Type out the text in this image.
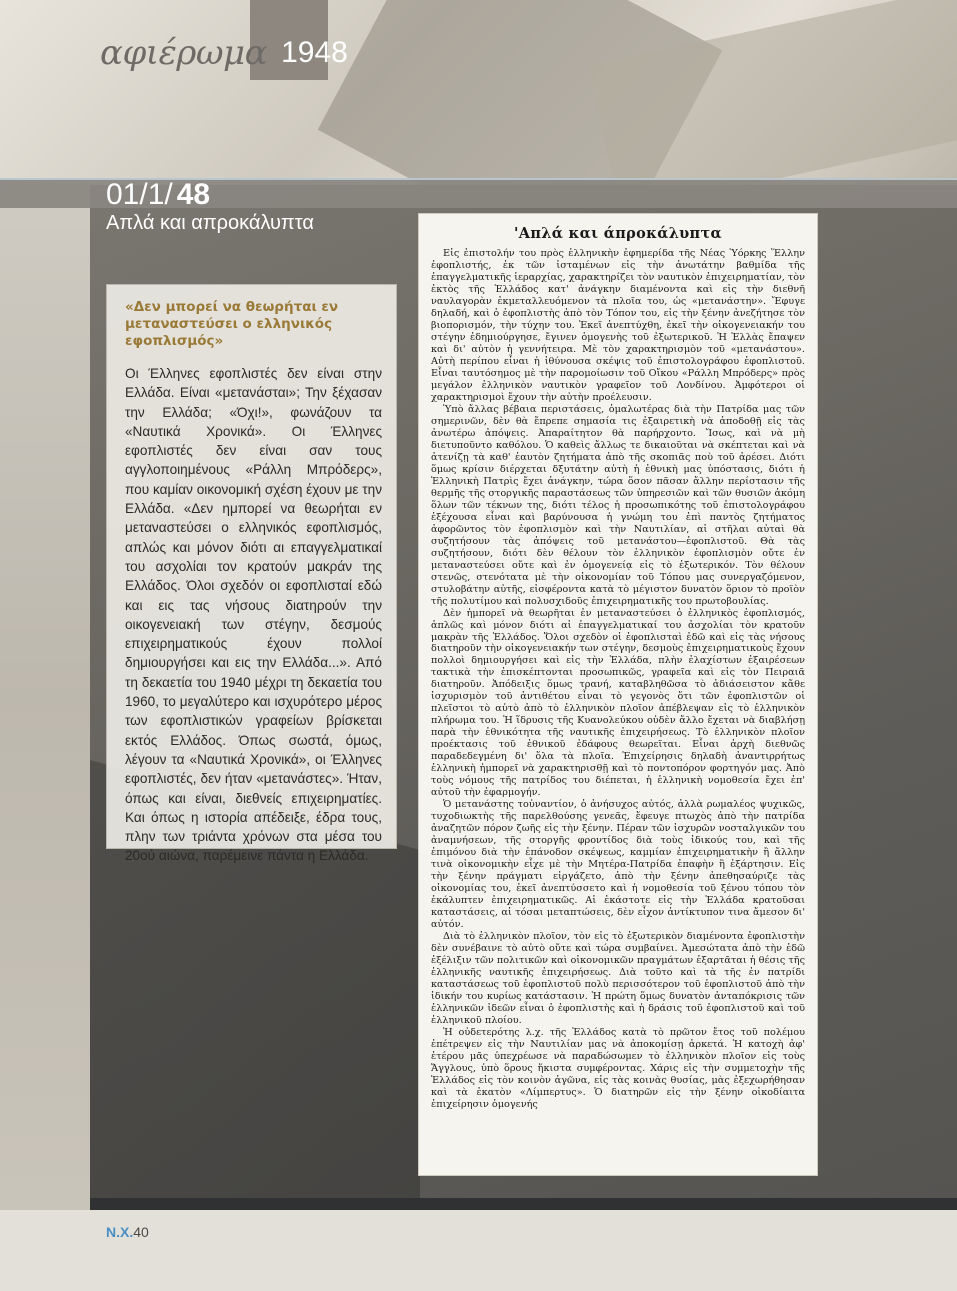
αφιέρωμα 1948
01/1/ 48
Απλά και απροκάλυπτα

«Δεν μπορεί να θεωρήται εν μεταναστεύσει ο ελληνικός εφοπλισμός»

Οι Έλληνες εφοπλιστές δεν είναι στην Ελλάδα. Είναι «μετανάσται»; Την ξέχασαν την Ελλάδα; «Όχι!», φωνάζουν τα «Ναυτικά Χρονικά». Οι Έλληνες εφοπλιστές δεν είναι σαν τους αγγλοποιημένους «Ράλλη Μπρόδερς», που καμίαν οικονομική σχέση έχουν με την Ελλάδα. «Δεν ημπορεί να θεωρήται εν μεταναστεύσει ο ελληνικός εφοπλισμός, απλώς και μόνον διότι αι επαγγελματικαί του ασχολίαι τον κρατούν μακράν της Ελλάδος. Όλοι σχεδόν οι εφοπλισταί εδώ και εις τας νήσους διατηρούν την οικογενειακή των στέγην, δεσμούς επιχειρηματικούς έχουν πολλοί δημιουργήσει και εις την Ελλάδα...». Από τη δεκαετία του 1940 μέχρι τη δεκαετία του 1960, το μεγαλύτερο και ισχυρότερο μέρος των εφοπλιστικών γραφείων βρίσκεται εκτός Ελλάδος. Όπως σωστά, όμως, λέγουν τα «Ναυτικά Χρονικά», οι Έλληνες εφοπλιστές, δεν ήταν «μετανάστες». Ήταν, όπως και είναι, διεθνείς επιχειρηματίες. Και όπως η ιστορία απέδειξε, έδρα τους, πλην των τριάντα χρόνων στα μέσα του 20ού αιώνα, παρέμεινε πάντα η Ελλάδα.

'Απλά και άπροκάλυπτα

Εἰς ἐπιστολήν του πρὸς ἑλληνικὴν ἐφημερίδα τῆς Νέας Ὑόρκης Ἕλλην ἐφοπλιστής, ἐκ τῶν ἱσταμένων εἰς τὴν ἀνωτάτην βαθμίδα τῆς ἐπαγγελματικῆς ἱεραρχίας, χαρακτηρίζει τὸν ναυτικὸν ἐπιχειρηματίαν, τὸν ἐκτὸς τῆς Ἑλλάδος κατ' ἀνάγκην διαμένοντα καὶ εἰς τὴν διεθνῆ ναυλαγορὰν ἐκμεταλλευόμενον τὰ πλοῖα του, ὡς «μετανάστην». Ἔφυγε δηλαδή, καὶ ὁ ἐφοπλιστὴς ἀπὸ τὸν Τόπον του, εἰς τὴν ξένην ἀνεζήτησε τὸν βιοπορισμόν, τὴν τύχην του. Ἐκεῖ ἀνεπτύχθη, ἐκεῖ τὴν οἰκογενειακήν του στέγην ἐδημιούργησε, ἔγινεν ὁμογενὴς τοῦ ἐξωτερικοῦ. Ἡ Ἑλλὰς ἔπαψεν καὶ δι' αὐτὸν ἡ γεννήτειρα. Μὲ τὸν χαρακτηρισμὸν τοῦ «μετανάστου». Αὐτὴ περίπου εἶναι ἡ ἰθύνουσα σκέψις τοῦ ἐπιστολογράφου ἐφοπλιστοῦ. Εἶναι ταυτόσημος μὲ τὴν παρομοίωσιν τοῦ Οἴκου «Ράλλη Μπρόδερς» πρὸς μεγάλον ἑλληνικὸν ναυτικὸν γραφεῖον τοῦ Λονδίνου. Ἀμφότεροι οἱ χαρακτηρισμοὶ ἔχουν τὴν αὐτὴν προέλευσιν.

Ὑπὸ ἄλλας βέβαια περιστάσεις, ὁμαλωτέρας διὰ τὴν Πατρίδα μας τῶν σημερινῶν, δὲν θὰ ἔπρεπε σημασία τις ἐξαιρετικὴ νὰ ἀποδοθῇ εἰς τὰς ἀνωτέρω ἀπόψεις. Ἀπαραίτητον θὰ παρήρχοντο. Ἴσως, καὶ νὰ μὴ διετυποῦντο καθόλου. Ὁ καθεὶς ἄλλως τε δικαιοῦται νὰ σκέπτεται καὶ νὰ ἀτενίζῃ τὰ καθ' ἑαυτὸν ζητήματα ἀπὸ τῆς σκοπιᾶς ποὺ τοῦ ἀρέσει. Διότι ὅμως κρίσιν διέρχεται δξυτάτην αὐτὴ ἡ ἐθνικὴ μας ὑπόστασις, διότι ἡ Ἑλληνικὴ Πατρὶς ἔχει ἀνάγκην, τώρα ὅσον πᾶσαν ἄλλην περίστασιν τῆς θερμῆς τῆς στοργικῆς παραστάσεως τῶν ὑπηρεσιῶν καὶ τῶν θυσιῶν ἀκόμη ὅλων τῶν τέκνων της, διότι τέλος ἡ προσωπικότης τοῦ ἐπιστολογράφου ἐξέχουσα εἶναι καὶ βαρύνουσα ἡ γνώμη του ἐπὶ παντὸς ζητήματος ἀφορῶντος τὸν ἐφοπλισμὸν καὶ τὴν Ναυτιλίαν, αἱ στῆλαι αὐταὶ θὰ συζητήσουν τὰς ἀπόψεις τοῦ μετανάστου—ἐφοπλιστοῦ. Θὰ τὰς συζητήσουν, διότι δὲν θέλουν τὸν ἑλληνικὸν ἐφοπλισμὸν οὔτε ἐν μεταναστεύσει οὔτε καὶ ἐν ὁμογενείᾳ εἰς τὸ ἐξωτερικόν. Τὸν θέλουν στενῶς, στενότατα μὲ τὴν οἰκονομίαν τοῦ Τόπου μας συνεργαζόμενον, στυλοβάτην αὐτῆς, εἰσφέροντα κατὰ τὸ μέγιστον δυνατὸν ὅριον τὸ προϊὸν τῆς πολυτίμου καὶ πολυσχιδοῦς ἐπιχειρηματικῆς του πρωτοβουλίας.

Δὲν ἠμπορεῖ νὰ θεωρῆται ἐν μεταναστεύσει ὁ ἑλληνικὸς ἐφοπλισμός, ἁπλῶς καὶ μόνον διότι αἱ ἐπαγγελματικαί του ἀσχολίαι τὸν κρατοῦν μακρὰν τῆς Ἑλλάδος. Ὅλοι σχεδὸν οἱ ἐφοπλισταὶ ἐδῶ καὶ εἰς τὰς νήσους διατηροῦν τὴν οἰκογενειακήν των στέγην, δεσμοὺς ἐπιχειρηματικοὺς ἔχουν πολλοὶ δημιουργήσει καὶ εἰς τὴν Ἑλλάδα, πλὴν ἐλαχίστων ἐξαιρέσεων τακτικὰ τὴν ἐπισκέπτονται προσωπικῶς, γραφεῖα καὶ εἰς τὸν Πειραιᾶ διατηροῦν. Ἀπόδειξις ὅμως τρανή, καταβληθῶσα τὸ ἀδιάσειστον κἄθε ἰσχυρισμὸν τοῦ ἀντιθέτου εἶναι τὸ γεγονὸς ὅτι τῶν ἐφοπλιστῶν οἱ πλεῖστοι τὸ αὐτὸ ἀπὸ τὸ ἑλληνικὸν πλοῖον ἀπέβλεψαν εἰς τὸ ἑλληνικὸν πλήρωμα του. Ἡ ἵδρυσις τῆς Κυανολεύκου οὐδὲν ἄλλο ἔχεται νὰ διαβλήσῃ παρὰ τὴν ἐθνικότητα τῆς ναυτικῆς ἐπιχειρήσεως. Τὸ ἑλληνικὸν πλοῖον προέκτασις τοῦ ἐθνικοῦ ἐδάφους θεωρεῖται. Εἶναι ἀρχὴ διεθνῶς παραδεδεγμένη δι' ὅλα τὰ πλοῖα. Ἐπιχείρησις δηλαδὴ ἀναντιρρήτως ἑλληνικὴ ἠμπορεῖ νὰ χαρακτηρισθῇ καὶ τὸ ποντοπόρον φορτηγόν μας. Ἀπὸ τοὺς νόμους τῆς πατρίδος του διέπεται, ἡ ἑλληνικὴ νομοθεσία ἔχει ἐπ' αὐτοῦ τὴν ἐφαρμογήν.

Ὁ μετανάστης τοὐναντίον, ὁ ἀνήσυχος αὐτός, ἀλλὰ ρωμαλέος ψυχικῶς, τυχοδιωκτὴς τῆς παρελθούσης γενεᾶς, ἔφευγε πτωχὸς ἀπὸ τὴν πατρίδα ἀναζητῶν πόρον ζωῆς εἰς τὴν ξένην. Πέραν τῶν ἰσχυρῶν νοσταλγικῶν του ἀναμνήσεων, τῆς στοργῆς φροντίδος διὰ τοὺς ἰδικούς του, καὶ τῆς ἐπιμόνου διὰ τὴν ἐπάνοδον σκέψεως, καμμίαν ἐπιχειρηματικὴν ἢ ἄλλην τινὰ οἰκονομικὴν εἶχε μὲ τὴν Μητέρα-Πατρίδα ἐπαφὴν ἢ ἐξάρτησιν. Εἰς τὴν ξένην πράγματι εἰργάζετο, ἀπὸ τὴν ξένην ἀπεθησαύριζε τὰς οἰκονομίας του, ἐκεῖ ἀνεπτύσσετο καὶ ἡ νομοθεσία τοῦ ξένου τόπου τὸν ἐκάλυπτεν ἐπιχειρηματικῶς. Αἱ ἐκάστοτε εἰς τὴν Ἑλλάδα κρατοῦσαι καταστάσεις, αἱ τόσαι μεταπτώσεις, δὲν εἶχον ἀντίκτυπον τινα ἄμεσον δι' αὐτόν.

Διὰ τὸ ἑλληνικὸν πλοῖον, τὸν εἰς τὸ ἐξωτερικὸν διαμένοντα ἐφοπλιστὴν δὲν συνέβαινε τὸ αὐτὸ οὔτε καὶ τώρα συμβαίνει. Ἀμεσώτατα ἀπὸ τὴν ἐδῶ ἐξέλιξιν τῶν πολιτικῶν καὶ οἰκονομικῶν πραγμάτων ἐξαρτᾶται ἡ θέσις τῆς ἑλληνικῆς ναυτικῆς ἐπιχειρήσεως. Διὰ τοῦτο καὶ τὰ τῆς ἐν πατρίδι καταστάσεως τοῦ ἐφοπλιστοῦ πολὺ περισσότερον τοῦ ἐφοπλιστοῦ ἀπὸ τὴν ἰδικήν του κυρίως κατάστασιν. Ἡ πρώτη ὅμως δυνατὸν ἀνταπόκρισις τῶν ἑλληνικῶν ἰδεῶν εἶναι ὁ ἐφοπλιστὴς καὶ ἡ δράσις τοῦ ἐφοπλιστοῦ καὶ τοῦ ἑλληνικοῦ πλοίου.

Ἡ οὐδετερότης λ.χ. τῆς Ἑλλάδος κατὰ τὸ πρῶτον ἔτος τοῦ πολέμου ἐπέτρεψεν εἰς τὴν Ναυτιλίαν μας νὰ ἀποκομίσῃ ἀρκετά. Ἡ κατοχὴ ἀφ' ἑτέρου μᾶς ὑπεχρέωσε νὰ παραδώσωμεν τὸ ἑλληνικὸν πλοῖον εἰς τοὺς Ἄγγλους, ὑπὸ ὅρους ἥκιστα συμφέροντας. Χάρις εἰς τὴν συμμετοχὴν τῆς Ἑλλάδος εἰς τὸν κοινὸν ἀγῶνα, εἰς τὰς κοινὰς θυσίας, μὰς ἐξεχωρήθησαν καὶ τὰ ἑκατὸν «Λίμπερτυς». Ὁ διατηρῶν εἰς τὴν ξένην οἰκοδίαιτα ἐπιχείρησιν ὁμογενής

Ν.Χ.40
